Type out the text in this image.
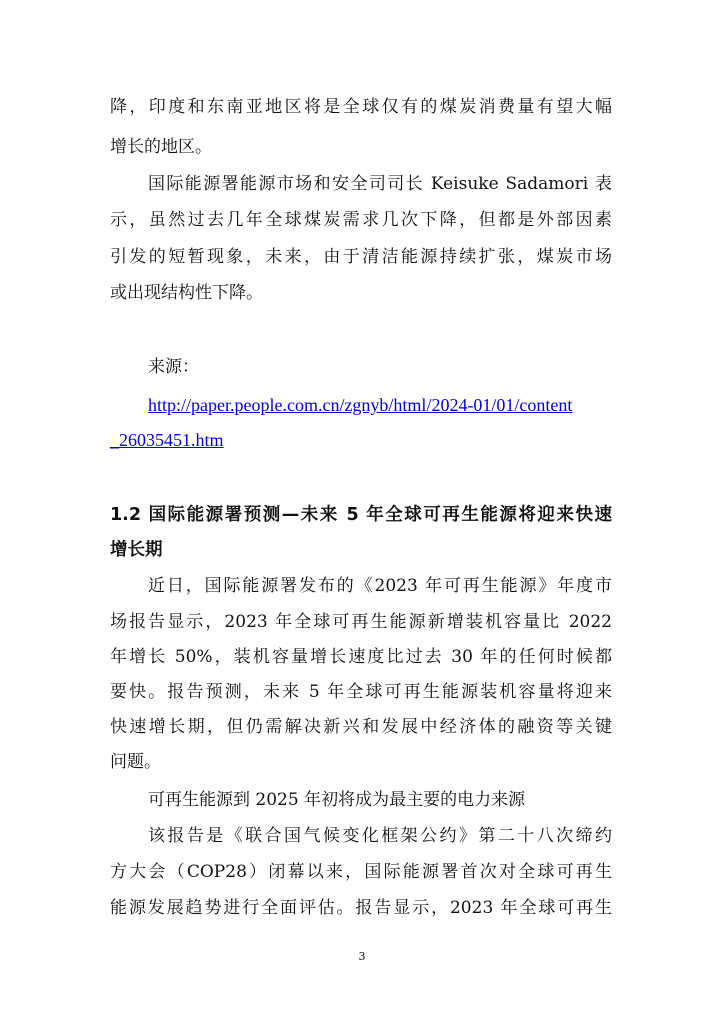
降，印度和东南亚地区将是全球仅有的煤炭消费量有望大幅
增长的地区。
国际能源署能源市场和安全司司长 Keisuke Sadamori 表
示，虽然过去几年全球煤炭需求几次下降，但都是外部因素
引发的短暂现象，未来，由于清洁能源持续扩张，煤炭市场
或出现结构性下降。
来源：
http://paper.people.com.cn/zgnyb/html/2024-01/01/content
_26035451.htm
1.2 国际能源署预测—未来 5 年全球可再生能源将迎来快速
增长期
近日，国际能源署发布的《2023 年可再生能源》年度市
场报告显示，2023 年全球可再生能源新增装机容量比 2022
年增长 50%，装机容量增长速度比过去 30 年的任何时候都
要快。报告预测，未来 5 年全球可再生能源装机容量将迎来
快速增长期，但仍需解决新兴和发展中经济体的融资等关键
问题。
可再生能源到 2025 年初将成为最主要的电力来源
该报告是《联合国气候变化框架公约》第二十八次缔约
方大会（COP28）闭幕以来，国际能源署首次对全球可再生
能源发展趋势进行全面评估。报告显示，2023 年全球可再生
3
